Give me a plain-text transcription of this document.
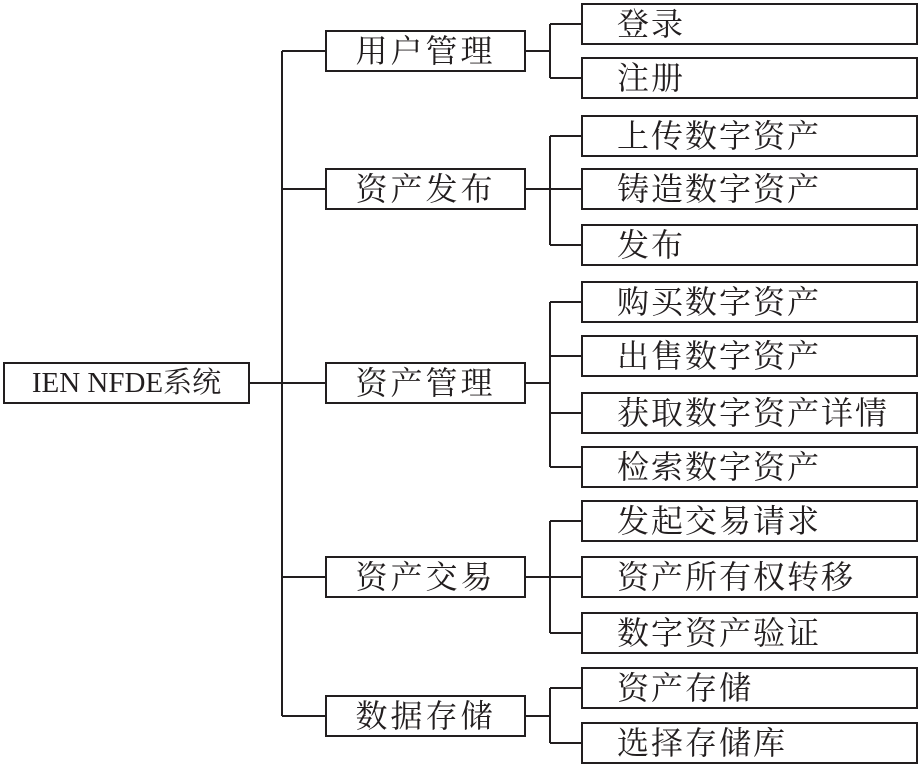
IEN NFDE系统
用户管理
资产发布
资产管理
资产交易
数据存储
登录
注册
上传数字资产
铸造数字资产
发布
购买数字资产
出售数字资产
获取数字资产详情
检索数字资产
发起交易请求
资产所有权转移
数字资产验证
资产存储
选择存储库
